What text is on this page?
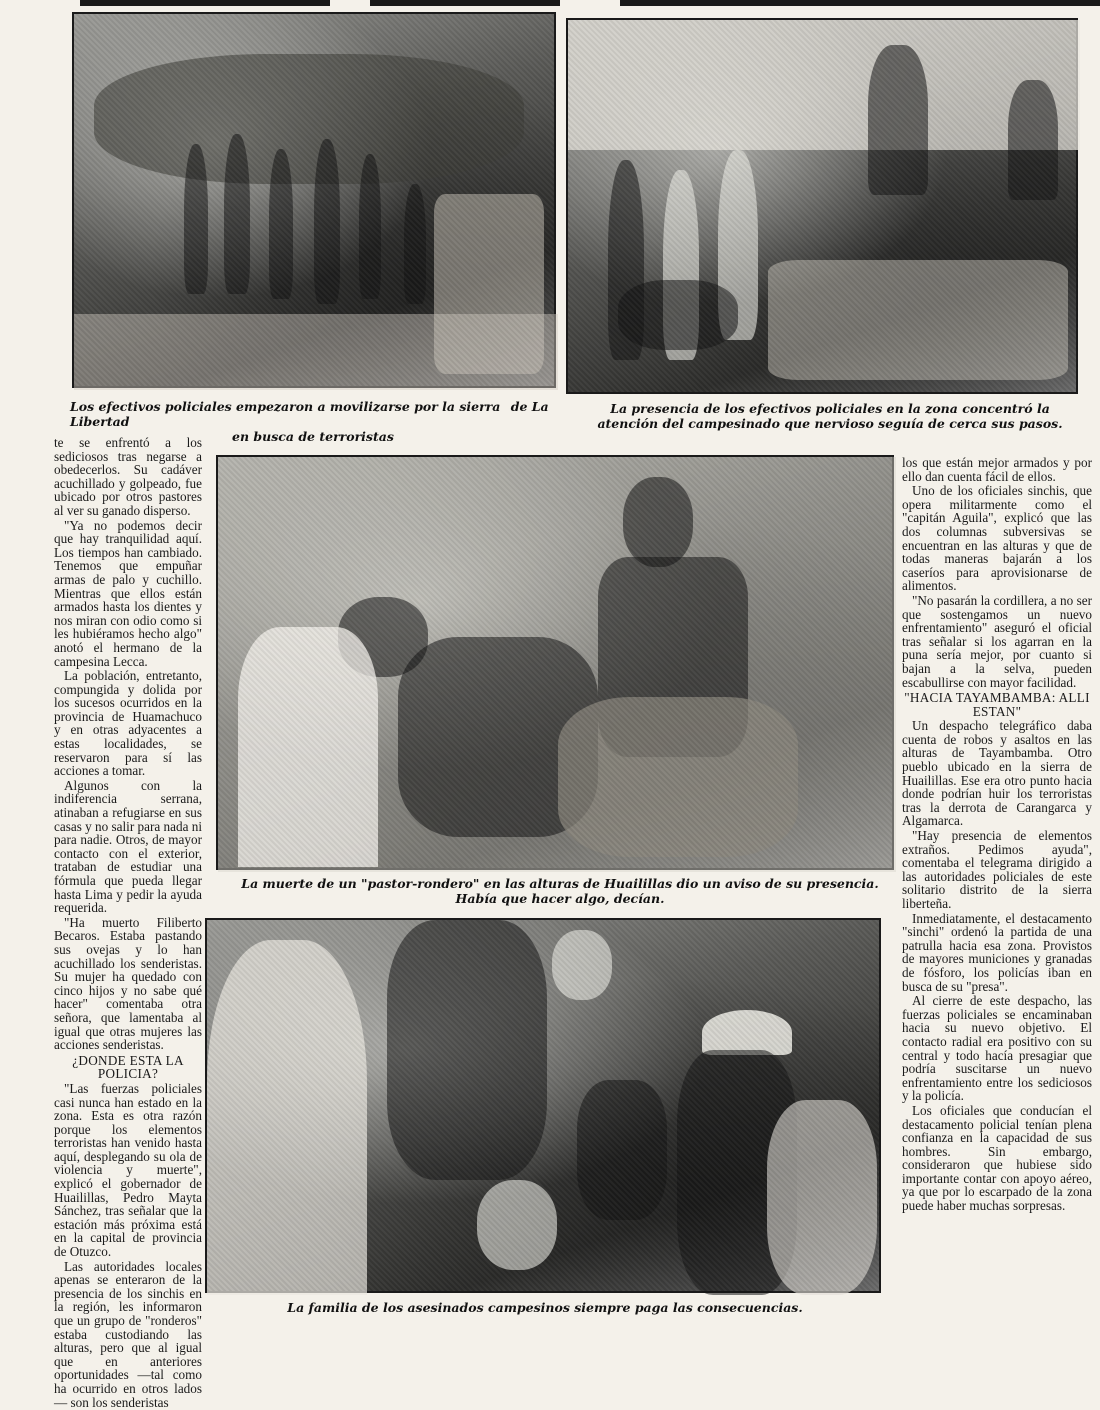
Los efectivos policiales empezaron a movilizarse por la sierra de La Libertad
en busca de terroristas
La presencia de los efectivos policiales en la zona concentró la atención del campesinado que nervioso seguía de cerca sus pasos.

te se enfrentó a los sediciosos tras negarse a obedecerlos. Su cadáver acuchillado y golpeado, fue ubicado por otros pastores al ver su ganado disperso.

"Ya no podemos decir que hay tranquilidad aquí. Los tiempos han cambiado. Tenemos que empuñar armas de palo y cuchillo. Mientras que ellos están armados hasta los dientes y nos miran con odio como si les hubiéramos hecho algo" anotó el hermano de la campesina Lecca.

La población, entretanto, compungida y dolida por los sucesos ocurridos en la provincia de Huamachuco y en otras adyacentes a estas localidades, se reservaron para sí las acciones a tomar.

Algunos con la indiferencia serrana, atinaban a refugiarse en sus casas y no salir para nada ni para nadie. Otros, de mayor contacto con el exterior, trataban de estudiar una fórmula que pueda llegar hasta Lima y pedir la ayuda requerida.

"Ha muerto Filiberto Becaros. Estaba pastando sus ovejas y lo han acuchillado los senderistas. Su mujer ha quedado con cinco hijos y no sabe qué hacer" comentaba otra señora, que lamentaba al igual que otras mujeres las acciones senderistas.

¿DONDE ESTA LA POLICIA?

"Las fuerzas policiales casi nunca han estado en la zona. Esta es otra razón porque los elementos terroristas han venido hasta aquí, desplegando su ola de violencia y muerte", explicó el gobernador de Huailillas, Pedro Mayta Sánchez, tras señalar que la estación más próxima está en la capital de provincia de Otuzco.

Las autoridades locales apenas se enteraron de la presencia de los sinchis en la región, les informaron que un grupo de "ronderos" estaba custodiando las alturas, pero que al igual que en anteriores oportunidades —tal como ha ocurrido en otros lados— son los senderistas

La muerte de un "pastor-rondero" en las alturas de Huailillas dio un aviso de su presencia. Había que hacer algo, decían.
La familia de los asesinados campesinos siempre paga las consecuencias.

los que están mejor armados y por ello dan cuenta fácil de ellos.

Uno de los oficiales sinchis, que opera militarmente como el "capitán Aguila", explicó que las dos columnas subversivas se encuentran en las alturas y que de todas maneras bajarán a los caseríos para aprovisionarse de alimentos.

"No pasarán la cordillera, a no ser que sostengamos un nuevo enfrentamiento" aseguró el oficial tras señalar si los agarran en la puna sería mejor, por cuanto si bajan a la selva, pueden escabullirse con mayor facilidad.

"HACIA TAYAMBAMBA: ALLI ESTAN"

Un despacho telegráfico daba cuenta de robos y asaltos en las alturas de Tayambamba. Otro pueblo ubicado en la sierra de Huailillas. Ese era otro punto hacia donde podrían huir los terroristas tras la derrota de Carangarca y Algamarca.

"Hay presencia de elementos extraños. Pedimos ayuda", comentaba el telegrama dirigido a las autoridades policiales de este solitario distrito de la sierra liberteña.

Inmediatamente, el destacamento "sinchi" ordenó la partida de una patrulla hacia esa zona. Provistos de mayores municiones y granadas de fósforo, los policías iban en busca de su "presa".

Al cierre de este despacho, las fuerzas policiales se encaminaban hacia su nuevo objetivo. El contacto radial era positivo con su central y todo hacía presagiar que podría suscitarse un nuevo enfrentamiento entre los sediciosos y la policía.

Los oficiales que conducían el destacamento policial tenían plena confianza en la capacidad de sus hombres. Sin embargo, consideraron que hubiese sido importante contar con apoyo aéreo, ya que por lo escarpado de la zona puede haber muchas sorpresas.
